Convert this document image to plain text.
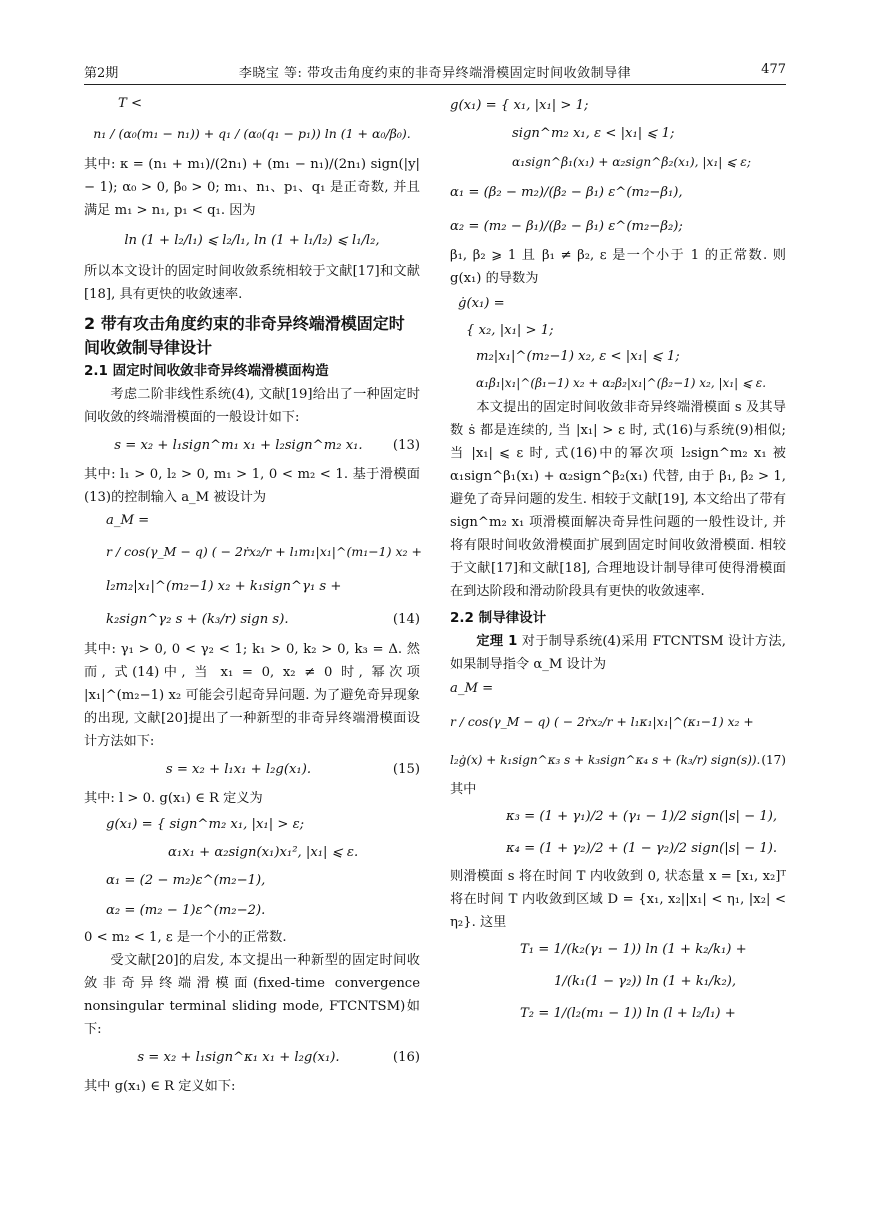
第2期	李晓宝 等: 带攻击角度约束的非奇异终端滑模固定时间收敛制导律	477

T <

n₁ / (α₀(m₁ − n₁)) + q₁ / (α₀(q₁ − p₁)) ln (1 + α₀/β₀).

其中: κ = (n₁ + m₁)/(2n₁) + (m₁ − n₁)/(2n₁) sign(|y| − 1); α₀ > 0, β₀ > 0; m₁、n₁、p₁、q₁ 是正奇数, 并且满足 m₁ > n₁, p₁ < q₁. 因为

ln (1 + l₂/l₁) ⩽ l₂/l₁, ln (1 + l₁/l₂) ⩽ l₁/l₂,

所以本文设计的固定时间收敛系统相较于文献[17]和文献[18], 具有更快的收敛速率.

2 带有攻击角度约束的非奇异终端滑模固定时间收敛制导律设计

2.1 固定时间收敛非奇异终端滑模面构造

考虑二阶非线性系统(4), 文献[19]给出了一种固定时间收敛的终端滑模面的一般设计如下:

s = x₂ + l₁sign^m₁ x₁ + l₂sign^m₂ x₁. (13)

其中: l₁ > 0, l₂ > 0, m₁ > 1, 0 < m₂ < 1. 基于滑模面(13)的控制输入 a_M 被设计为

a_M =

r / cos(γ_M − q) ( − 2ṙx₂/r + l₁m₁|x₁|^(m₁−1) x₂ +

l₂m₂|x₁|^(m₂−1) x₂ + k₁sign^γ₁ s +

k₂sign^γ₂ s + (k₃/r) sign s).	(14)

其中: γ₁ > 0, 0 < γ₂ < 1; k₁ > 0, k₂ > 0, k₃ = Δ. 然而, 式(14)中, 当 x₁ = 0, x₂ ≠ 0 时, 幂次项 |x₁|^(m₂−1) x₂ 可能会引起奇异问题. 为了避免奇异现象的出现, 文献[20]提出了一种新型的非奇异终端滑模面设计方法如下:

s = x₂ + l₁x₁ + l₂g(x₁).	(15)

其中: l > 0. g(x₁) ∈ R 定义为

g(x₁) = { sign^m₂ x₁, |x₁| > ε;

α₁x₁ + α₂sign(x₁)x₁², |x₁| ⩽ ε.

α₁ = (2 − m₂)ε^(m₂−1),

α₂ = (m₂ − 1)ε^(m₂−2).

0 < m₂ < 1, ε 是一个小的正常数.

受文献[20]的启发, 本文提出一种新型的固定时间收敛非奇异终端滑模面(fixed-time convergence nonsingular terminal sliding mode, FTCNTSM)如下:

s = x₂ + l₁sign^κ₁ x₁ + l₂g(x₁).	(16)

其中 g(x₁) ∈ R 定义如下:

g(x₁) = { x₁, |x₁| > 1;

sign^m₂ x₁, ε < |x₁| ⩽ 1;

α₁sign^β₁(x₁) + α₂sign^β₂(x₁), |x₁| ⩽ ε;

α₁ = (β₂ − m₂)/(β₂ − β₁) ε^(m₂−β₁),

α₂ = (m₂ − β₁)/(β₂ − β₁) ε^(m₂−β₂);

β₁, β₂ ⩾ 1 且 β₁ ≠ β₂, ε 是一个小于 1 的正常数. 则 g(x₁) 的导数为

ġ(x₁) =

{ x₂, |x₁| > 1;

m₂|x₁|^(m₂−1) x₂, ε < |x₁| ⩽ 1;

α₁β₁|x₁|^(β₁−1) x₂ + α₂β₂|x₁|^(β₂−1) x₂, |x₁| ⩽ ε.

本文提出的固定时间收敛非奇异终端滑模面 s 及其导数 ṡ 都是连续的, 当 |x₁| > ε 时, 式(16)与系统(9)相似; 当 |x₁| ⩽ ε 时, 式(16)中的幂次项 l₂sign^m₂ x₁ 被 α₁sign^β₁(x₁) + α₂sign^β₂(x₁) 代替, 由于 β₁, β₂ > 1, 避免了奇异问题的发生. 相较于文献[19], 本文给出了带有 sign^m₂ x₁ 项滑模面解决奇异性问题的一般性设计, 并将有限时间收敛滑模面扩展到固定时间收敛滑模面. 相较于文献[17]和文献[18], 合理地设计制导律可使得滑模面在到达阶段和滑动阶段具有更快的收敛速率.

2.2 制导律设计

定理 1 对于制导系统(4)采用 FTCNTSM 设计方法, 如果制导指令 α_M 设计为

a_M =

r / cos(γ_M − q) ( − 2ṙx₂/r + l₁κ₁|x₁|^(κ₁−1) x₂ +

l₂ġ(x) + k₁sign^κ₃ s + k₃sign^κ₄ s + (k₃/r) sign(s)). (17)

其中

κ₃ = (1 + γ₁)/2 + (γ₁ − 1)/2 sign(|s| − 1),

κ₄ = (1 + γ₂)/2 + (1 − γ₂)/2 sign(|s| − 1).

则滑模面 s 将在时间 T 内收敛到 0, 状态量 x = [x₁, x₂]ᵀ 将在时间 T 内收敛到区域 D = {x₁, x₂||x₁| < η₁, |x₂| < η₂}. 这里

T₁ = 1/(k₂(γ₁ − 1)) ln (1 + k₂/k₁) +

1/(k₁(1 − γ₂)) ln (1 + k₁/k₂),

T₂ = 1/(l₂(m₁ − 1)) ln (l + l₂/l₁) +
